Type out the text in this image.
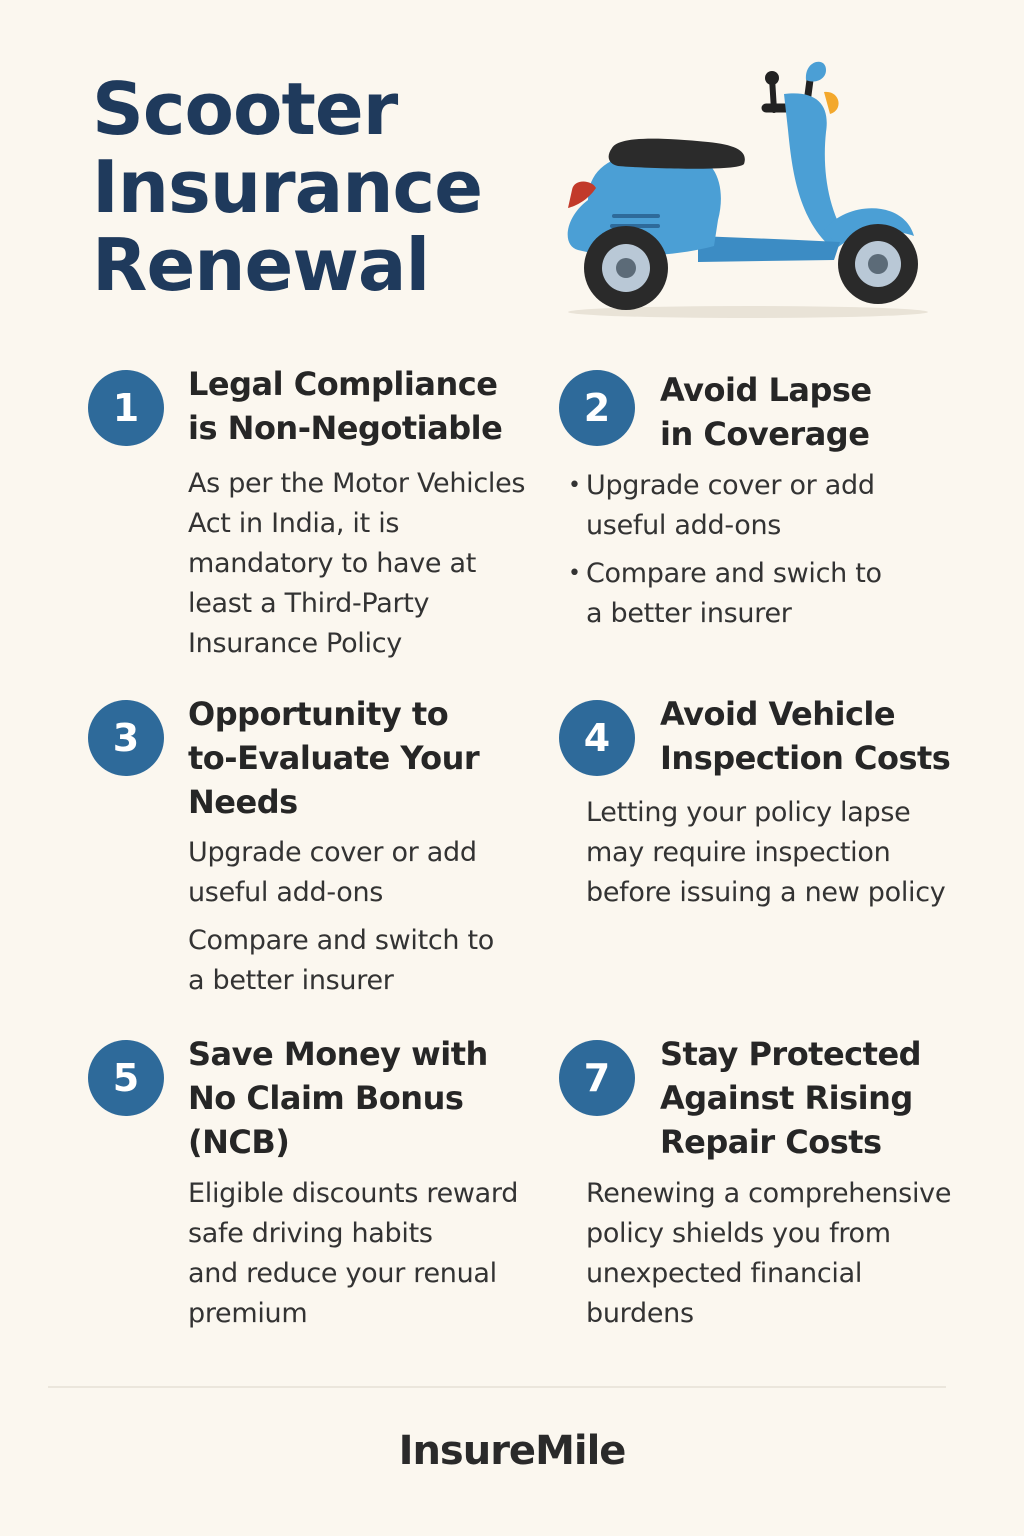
Scooter
Insurance
Renewal
1
Legal Compliance
is Non-Negotiable
As per the Motor Vehicles
Act in India, it is
mandatory to have at
least a Third-Party
Insurance Policy
2	Avoid Lapse
in Coverage
• Upgrade cover or add
useful add-ons
• Compare and swich to
a better insurer
3
Opportunity to
to-Evaluate Your
Needs
Upgrade cover or add
useful add-ons
Compare and switch to
a better insurer
4
Avoid Vehicle
Inspection Costs
Letting your policy lapse
may require inspection
before issuing a new policy
5
Save Money with
No Claim Bonus
(NCB)
Eligible discounts reward
safe driving habits
and reduce your renual
premium
7
Stay Protected
Against Rising
Repair Costs
Renewing a comprehensive
policy shields you from
unexpected financial
burdens
InsureMile
